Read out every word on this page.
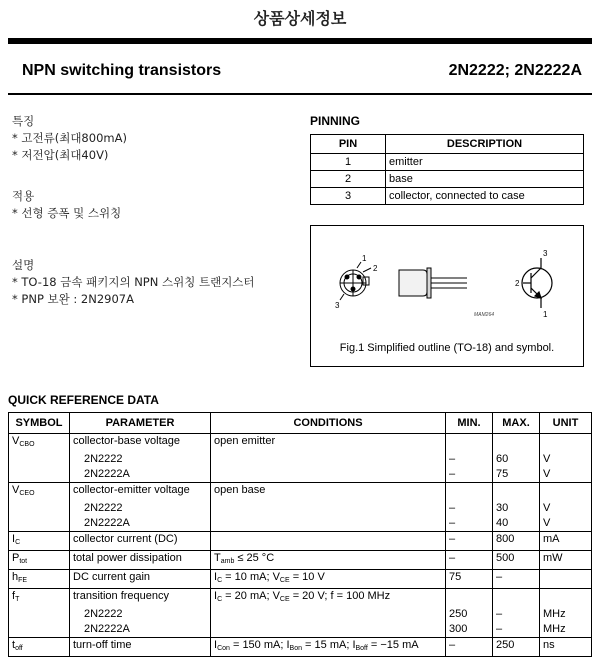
상품상세정보
NPN switching transistors	2N2222; 2N2222A
특징
* 고전류(최대800mA)
* 저전압(최대40V)
적용
* 선형 증폭 및 스위칭
설명
* TO-18 금속 패키지의 NPN 스위칭 트랜지스터
* PNP 보완 : 2N2907A
PINNING
PIN	DESCRIPTION
1	emitter
2	base
3	collector, connected to case
1
2
3
MAM264
3
2
1
Fig.1 Simplified outline (TO-18) and symbol.
QUICK REFERENCE DATA
SYMBOL	PARAMETER	CONDITIONS	MIN.	MAX.	UNIT
$V_{CBO}$	collector-base voltage	open emitter			
	2N2222		–	60	V
	2N2222A		–	75	V
$V_{CEO}$	collector-emitter voltage	open base			
	2N2222		–	30	V
	2N2222A		–	40	V
$I_C$	collector current (DC)		–	800	mA
$P_{tot}$	total power dissipation	$T_{amb} \le 25$ °C	–	500	mW
$h_{FE}$	DC current gain	$I_C = 10$ mA; $V_{CE} = 10$ V	75	–	
$f_T$	transition frequency	$I_C = 20$ mA; $V_{CE} = 20$ V; f = 100 MHz			
	2N2222		250	–	MHz
	2N2222A		300	–	MHz
$t_{off}$	turn-off time	$I_{Con} = 150$ mA; $I_{Bon} = 15$ mA; $I_{Boff} = -15$ mA	–	250	ns
